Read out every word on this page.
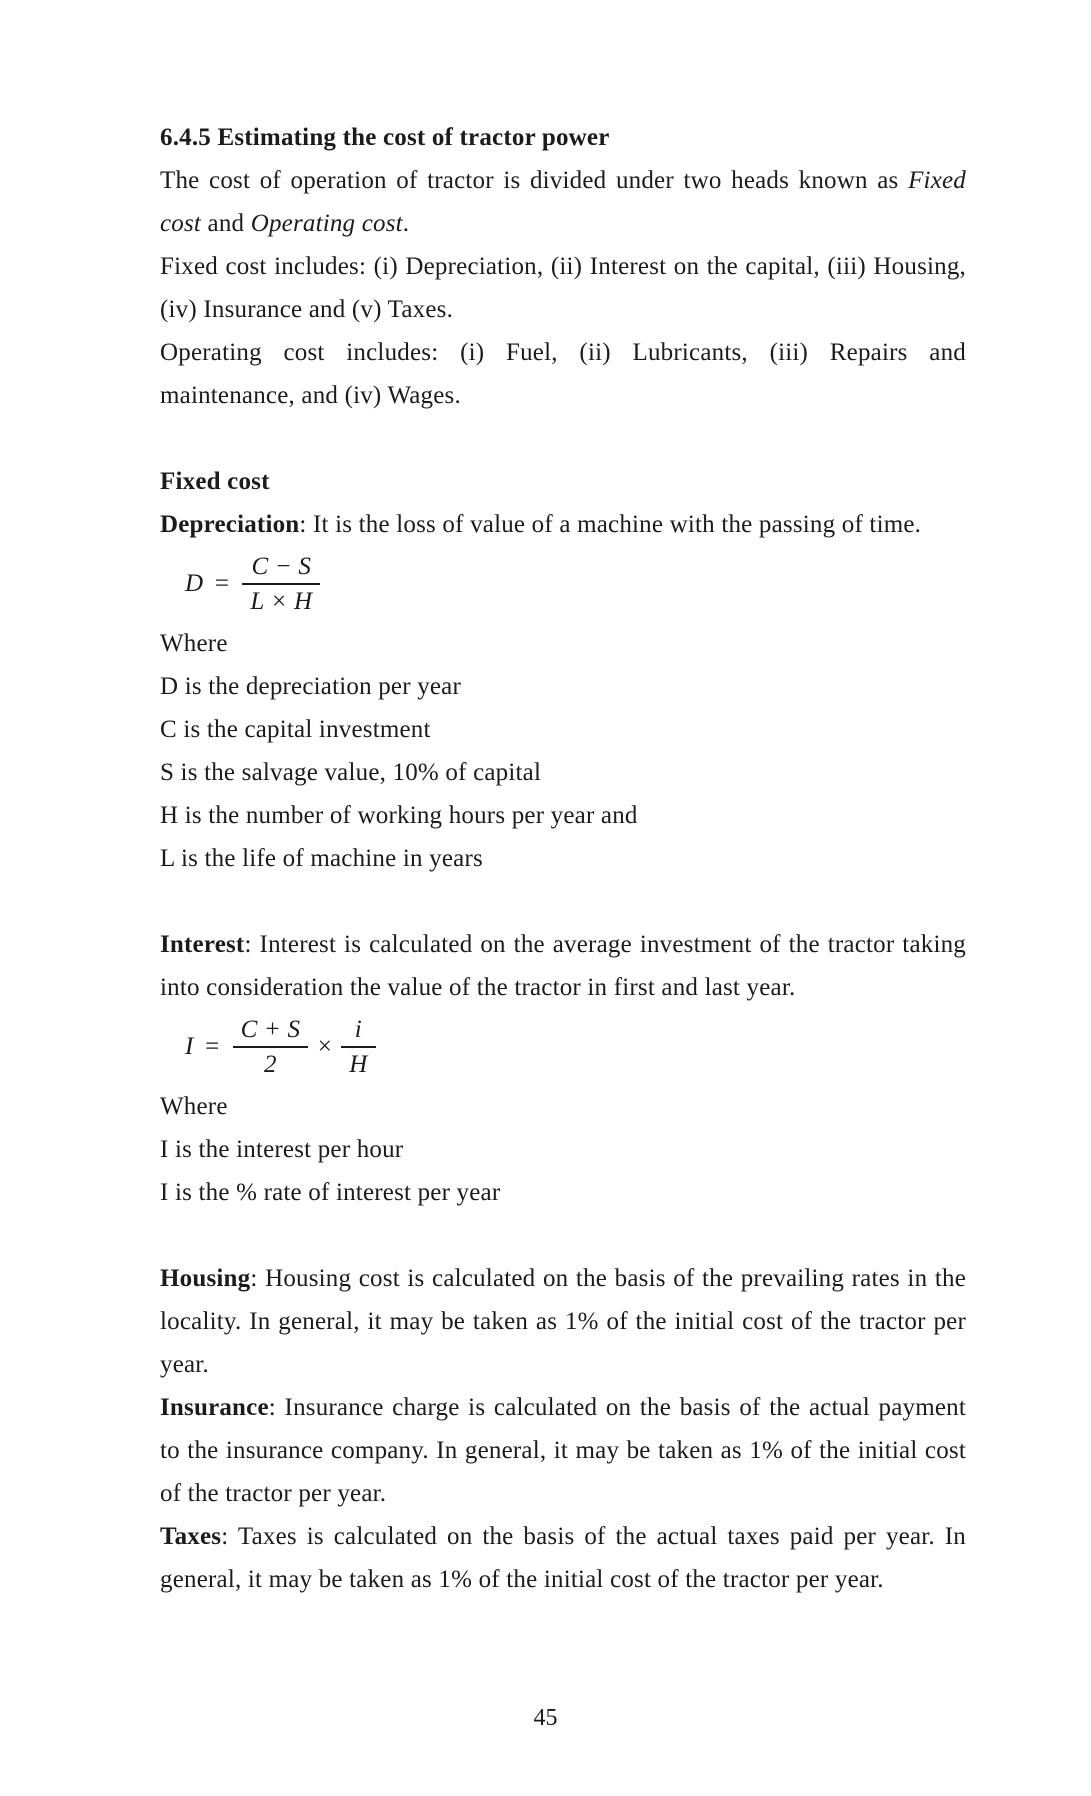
6.4.5 Estimating the cost of tractor power

The cost of operation of tractor is divided under two heads known as Fixed cost and Operating cost.

Fixed cost includes: (i) Depreciation, (ii) Interest on the capital, (iii) Housing, (iv) Insurance and (v) Taxes.

Operating cost includes: (i) Fuel, (ii) Lubricants, (iii) Repairs and maintenance, and (iv) Wages.

Fixed cost

Depreciation: It is the loss of value of a machine with the passing of time.

$D = \frac{C - S}{L \times H}$

Where

D is the depreciation per year

C is the capital investment

S is the salvage value, 10% of capital

H is the number of working hours per year and

L is the life of machine in years

Interest: Interest is calculated on the average investment of the tractor taking into consideration the value of the tractor in first and last year.

$I = \frac{C + S}{2} \times \frac{i}{H}$

Where

I is the interest per hour

I is the % rate of interest per year

Housing: Housing cost is calculated on the basis of the prevailing rates in the locality. In general, it may be taken as 1% of the initial cost of the tractor per year.

Insurance: Insurance charge is calculated on the basis of the actual payment to the insurance company. In general, it may be taken as 1% of the initial cost of the tractor per year.

Taxes: Taxes is calculated on the basis of the actual taxes paid per year. In general, it may be taken as 1% of the initial cost of the tractor per year.

45
